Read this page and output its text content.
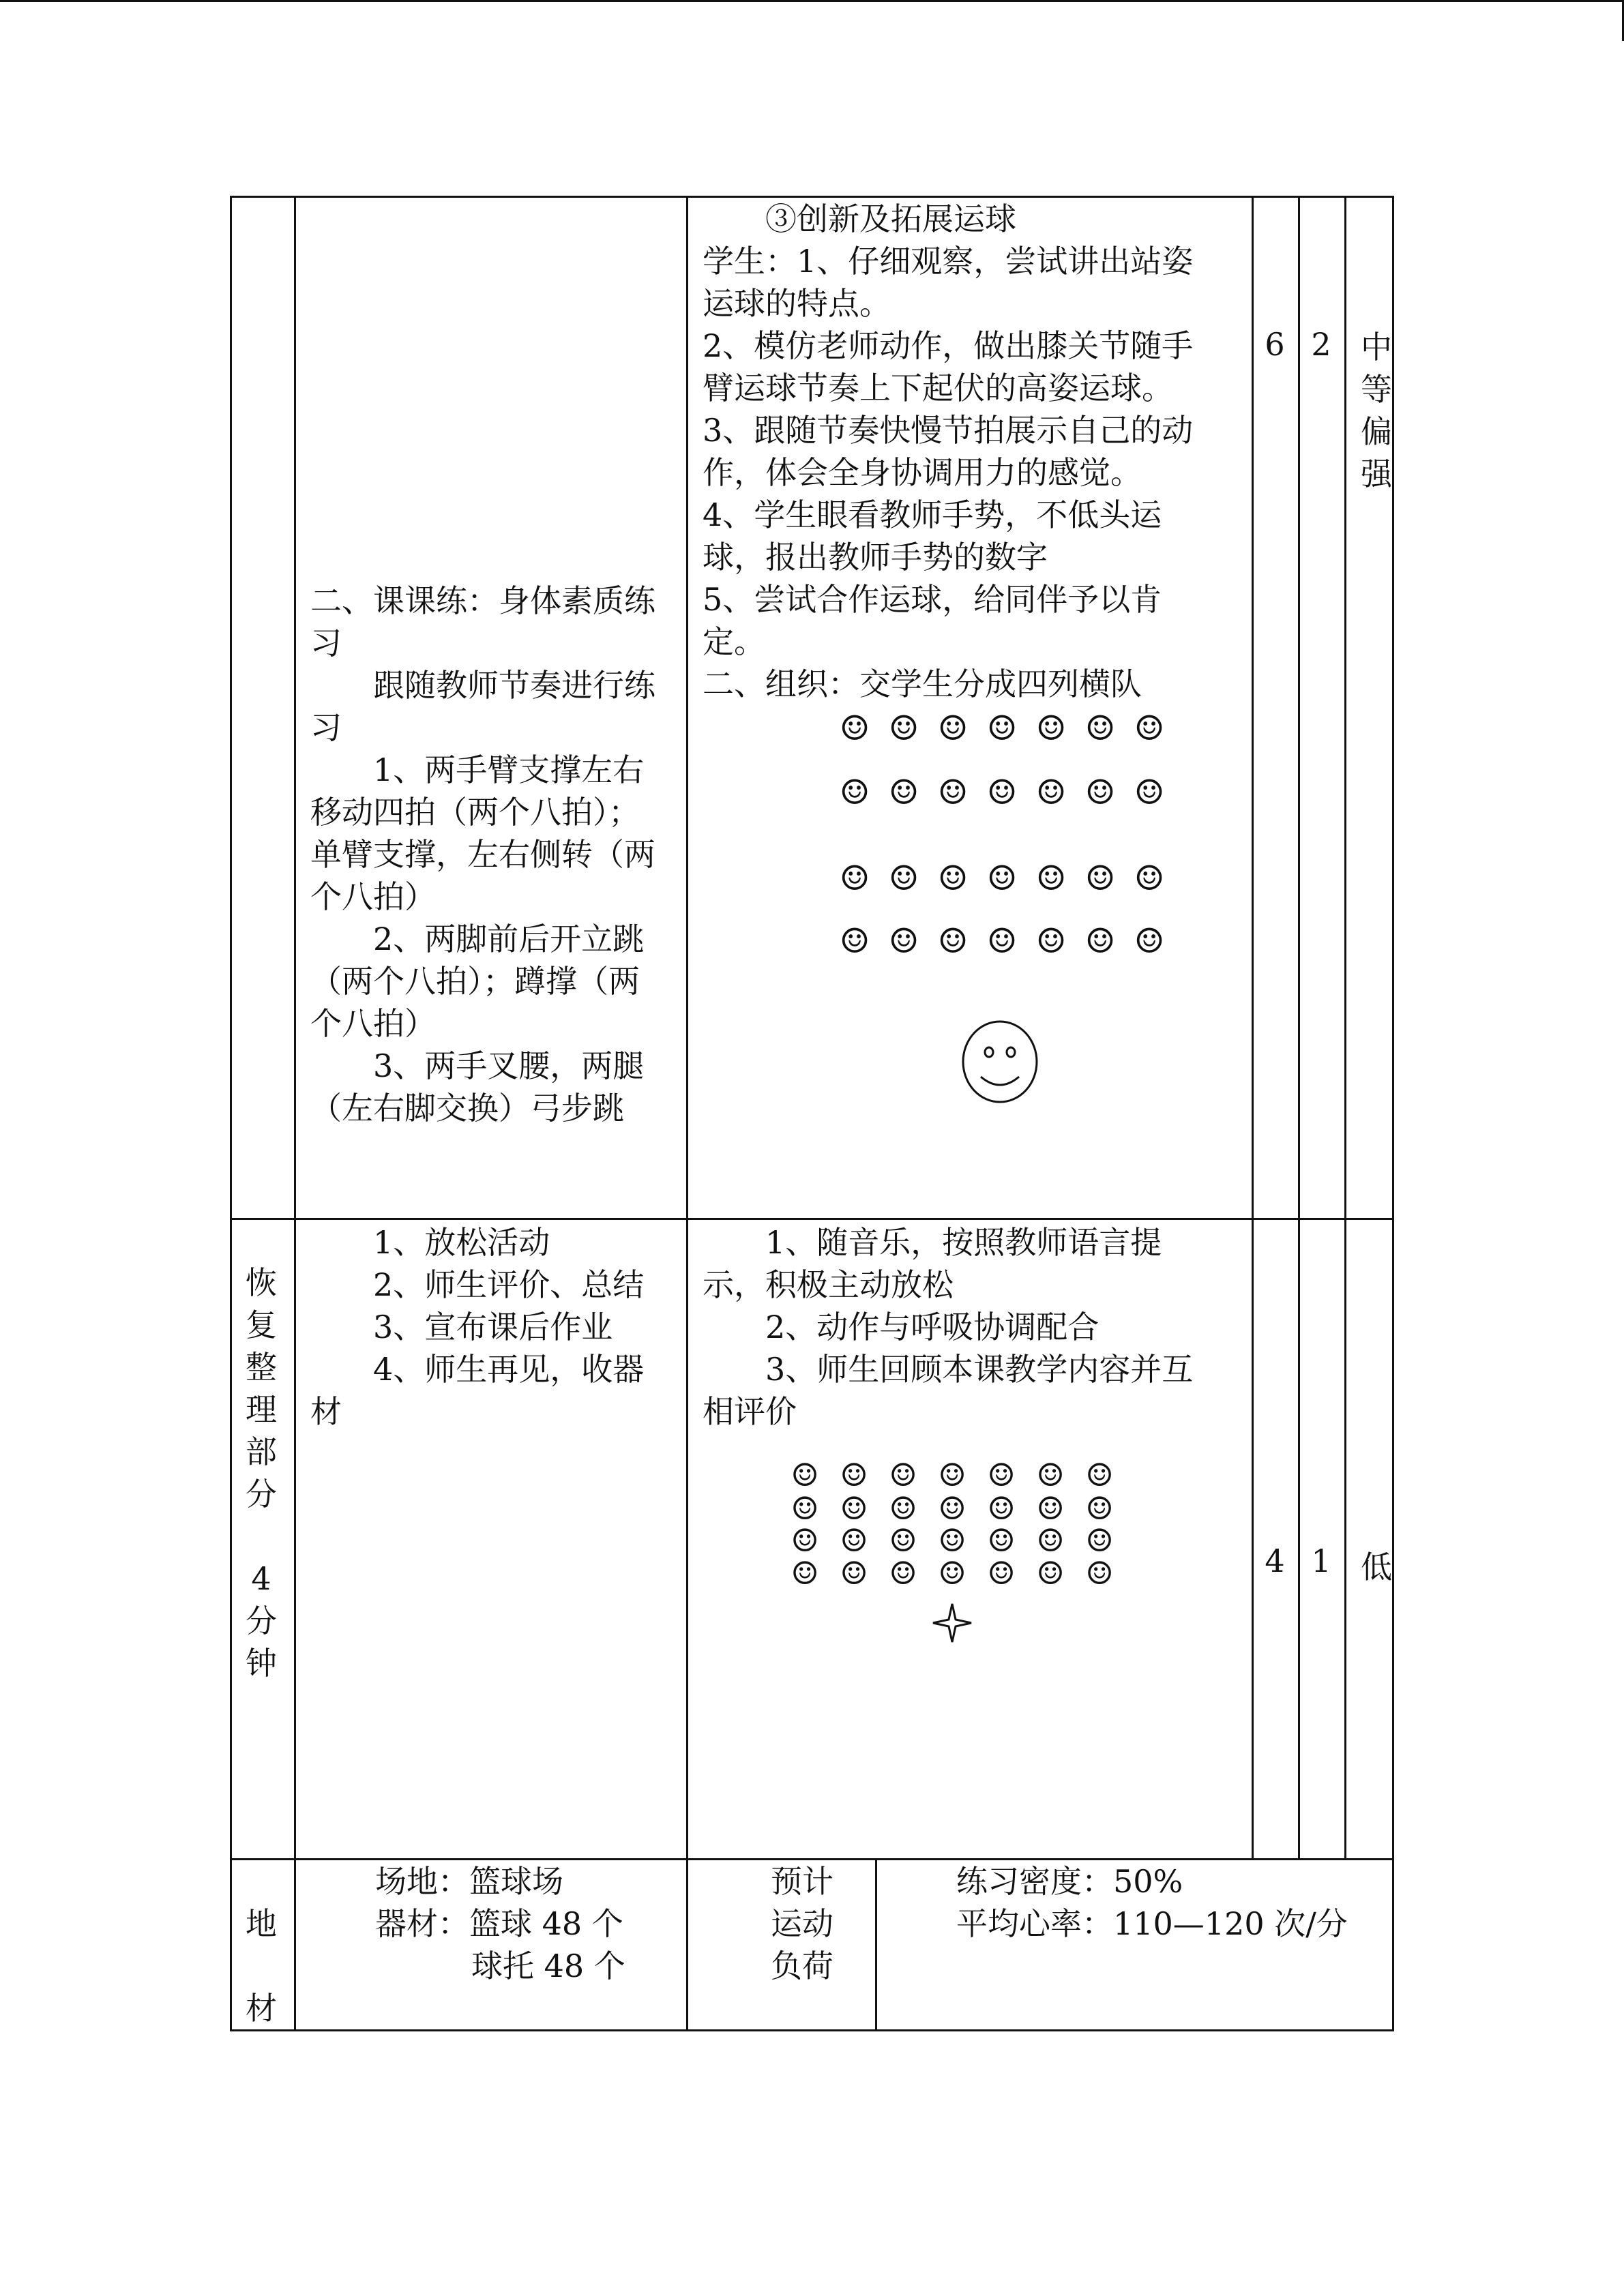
二、课课练：身体素质练
习
跟随教师节奏进行练
习
1、两手臂支撑左右
移动四拍（两个八拍）；
单臂支撑，左右侧转（两
个八拍）
2、两脚前后开立跳
（两个八拍）；蹲撑（两
个八拍）
3、两手叉腰，两腿
（左右脚交换）弓步跳
③创新及拓展运球
学生：1、仔细观察，尝试讲出站姿
运球的特点。
2、模仿老师动作，做出膝关节随手
臂运球节奏上下起伏的高姿运球。
3、跟随节奏快慢节拍展示自己的动
作，体会全身协调用力的感觉。
4、学生眼看教师手势，不低头运
球，报出教师手势的数字
5、尝试合作运球，给同伴予以肯
定。
二、组织：交学生分成四列横队
6 2 中
等
偏
强
☺ ☺ ☺ ☺ ☺ ☺ ☺
☺ ☺ ☺ ☺ ☺ ☺ ☺
☺ ☺ ☺ ☺ ☺ ☺ ☺
☺ ☺ ☺ ☺ ☺ ☺ ☺
恢
复
整
理
部
分

4
分
钟
1、放松活动
2、师生评价、总结
3、宣布课后作业
4、师生再见，收器
材
1、随音乐，按照教师语言提
示，积极主动放松
2、动作与呼吸协调配合
3、师生回顾本课教学内容并互
相评价
☺ ☺ ☺ ☺ ☺ ☺ ☺
☺ ☺ ☺ ☺ ☺ ☺ ☺
☺ ☺ ☺ ☺ ☺ ☺ ☺
☺ ☺ ☺ ☺ ☺ ☺ ☺	4 1 低
地

材
场地：篮球场
器材：篮球 48 个
球托 48 个
预计
运动
负荷
练习密度：50%
平均心率：110—120 次/分
